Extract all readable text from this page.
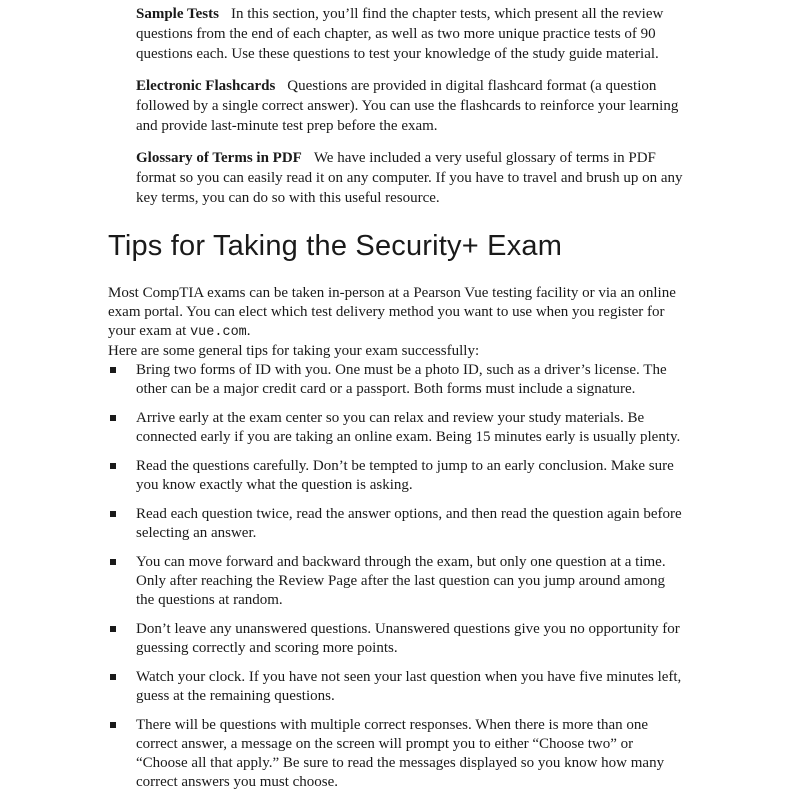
Sample Tests In this section, you’ll find the chapter tests, which present all the review questions from the end of each chapter, as well as two more unique practice tests of 90 questions each. Use these questions to test your knowledge of the study guide material.

Electronic Flashcards Questions are provided in digital flashcard format (a question followed by a single correct answer). You can use the flashcards to reinforce your learning and provide last-minute test prep before the exam.

Glossary of Terms in PDF We have included a very useful glossary of terms in PDF format so you can easily read it on any computer. If you have to travel and brush up on any key terms, you can do so with this useful resource.

Tips for Taking the Security+ Exam

Most CompTIA exams can be taken in-person at a Pearson Vue testing facility or via an online exam portal. You can elect which test delivery method you want to use when you register for your exam at vue.com.

Here are some general tips for taking your exam successfully:

Bring two forms of ID with you. One must be a photo ID, such as a driver’s license. The other can be a major credit card or a passport. Both forms must include a signature.
Arrive early at the exam center so you can relax and review your study materials. Be connected early if you are taking an online exam. Being 15 minutes early is usually plenty.
Read the questions carefully. Don’t be tempted to jump to an early conclusion. Make sure you know exactly what the question is asking.
Read each question twice, read the answer options, and then read the question again before selecting an answer.
You can move forward and backward through the exam, but only one question at a time. Only after reaching the Review Page after the last question can you jump around among the questions at random.
Don’t leave any unanswered questions. Unanswered questions give you no opportunity for guessing correctly and scoring more points.
Watch your clock. If you have not seen your last question when you have five minutes left, guess at the remaining questions.
There will be questions with multiple correct responses. When there is more than one correct answer, a message on the screen will prompt you to either “Choose two” or “Choose all that apply.” Be sure to read the messages displayed so you know how many correct answers you must choose.
